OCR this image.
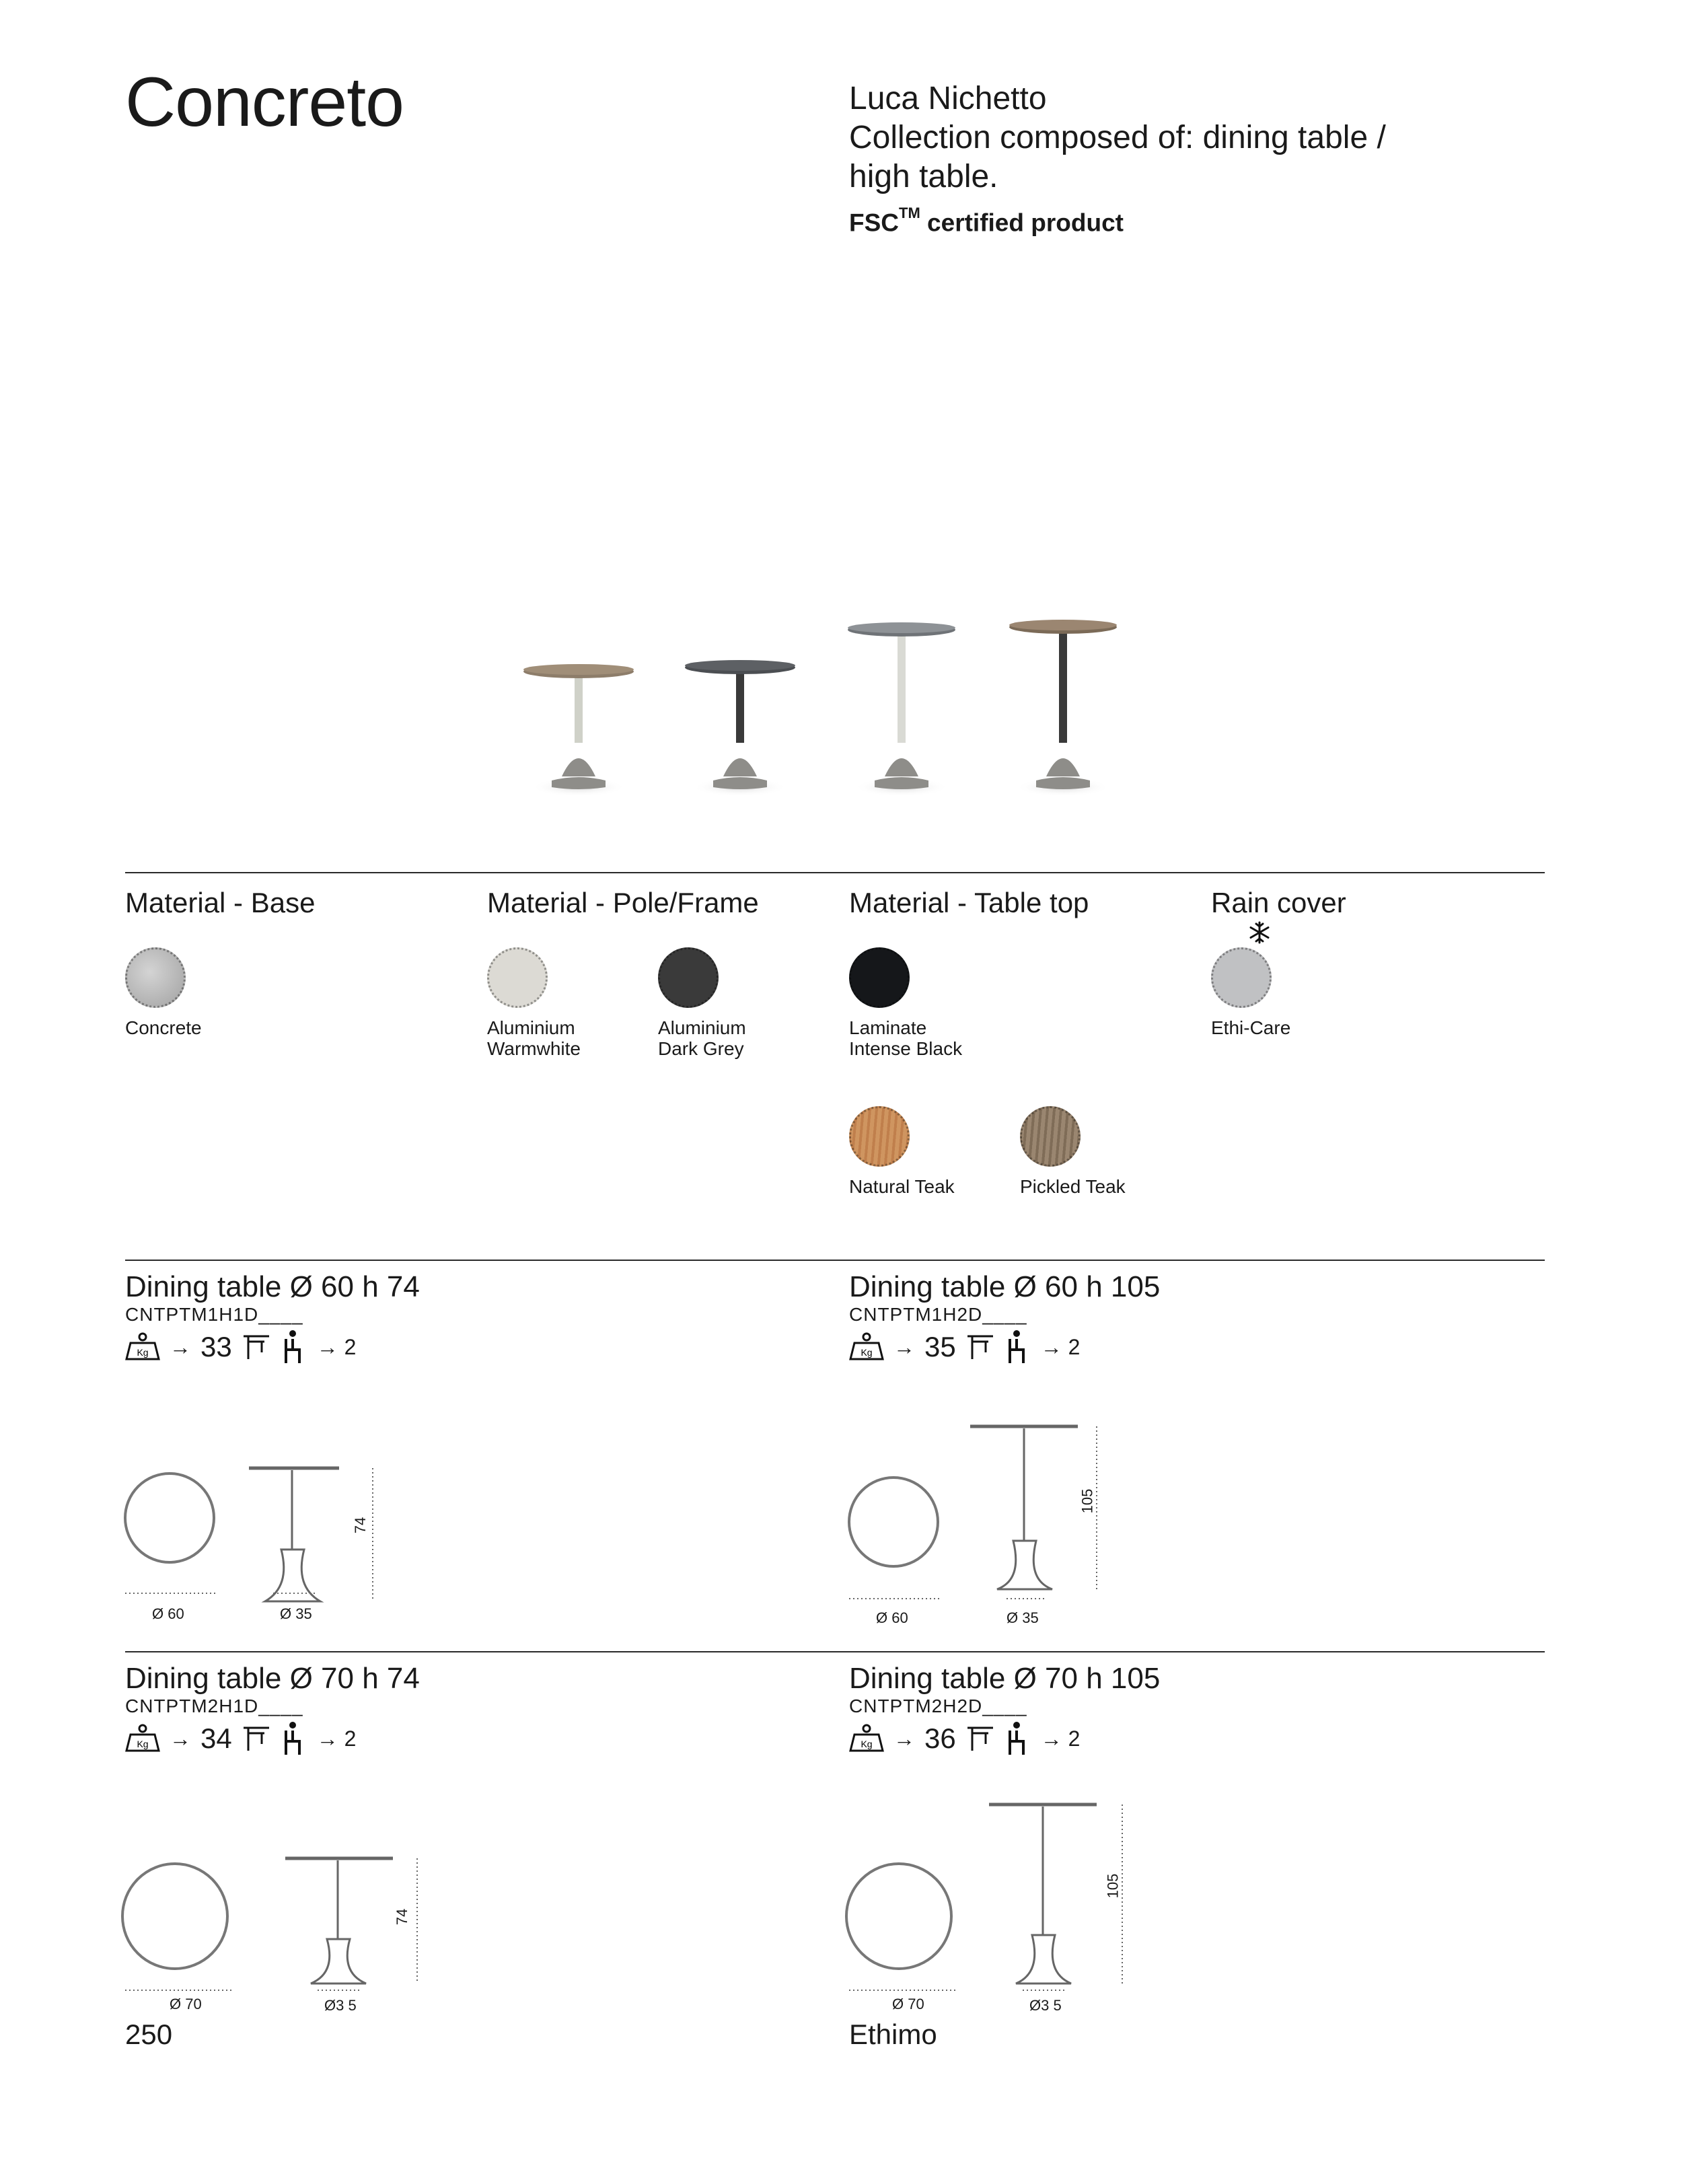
Concreto	Luca Nichetto
Collection composed of: dining table / high table.
FSC™ certified product
Material - Base	Material - Pole/Frame	Material - Table top	Rain cover
Concrete	Aluminium
Warmwhite
Aluminium
Dark Grey
Laminate
Intense Black
Natural Teak	Pickled Teak
Ethi-Care
Dining table Ø 60 h 74
CNTPTM1H1D____
Kg → 33	→ 2
Ø 60	Ø 35
74
Dining table Ø 60 h 105
CNTPTM1H2D____
Kg → 35	→ 2
Ø 60	Ø 35
105
Dining table Ø 70 h 74
CNTPTM2H1D____
Kg → 34	→ 2
Ø 70	Ø3 5
74
Dining table Ø 70 h 105
CNTPTM2H2D____
Kg → 36	→ 2
Ø 70	Ø3 5
105
250	Ethimo
